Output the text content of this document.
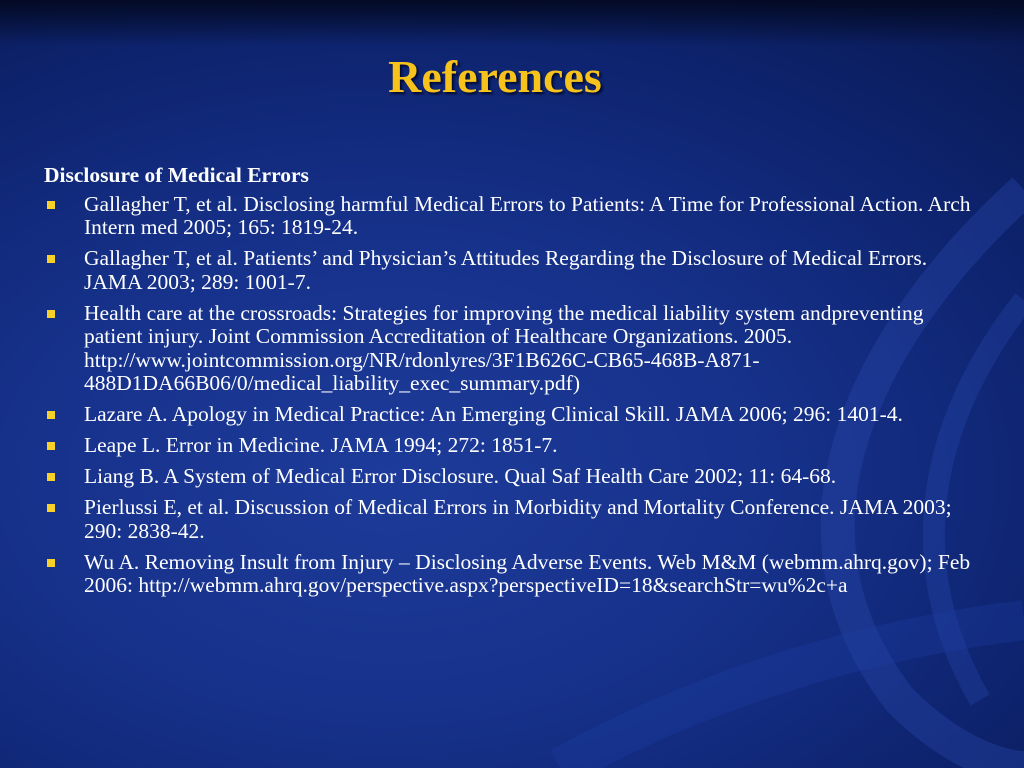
References
Disclosure of Medical Errors
Gallagher T, et al. Disclosing harmful Medical Errors to Patients: A Time for Professional Action. Arch Intern med 2005; 165: 1819-24.
Gallagher T, et al. Patients’ and Physician’s Attitudes Regarding the Disclosure of Medical Errors. JAMA 2003; 289: 1001-7.
Health care at the crossroads: Strategies for improving the medical liability system andpreventing patient injury. Joint Commission Accreditation of Healthcare Organizations. 2005. http://www.jointcommission.org/NR/rdonlyres/3F1B626C-CB65-468B-A871-488D1DA66B06/0/medical_liability_exec_summary.pdf)
Lazare A. Apology in Medical Practice: An Emerging Clinical Skill. JAMA 2006; 296: 1401-4.
Leape L. Error in Medicine. JAMA 1994; 272: 1851-7.
Liang B. A System of Medical Error Disclosure. Qual Saf Health Care 2002; 11: 64-68.
Pierlussi E, et al. Discussion of Medical Errors in Morbidity and Mortality Conference. JAMA 2003; 290: 2838-42.
Wu A. Removing Insult from Injury – Disclosing Adverse Events. Web M&M (webmm.ahrq.gov); Feb 2006: http://webmm.ahrq.gov/perspective.aspx?perspectiveID=18&searchStr=wu%2c+a
